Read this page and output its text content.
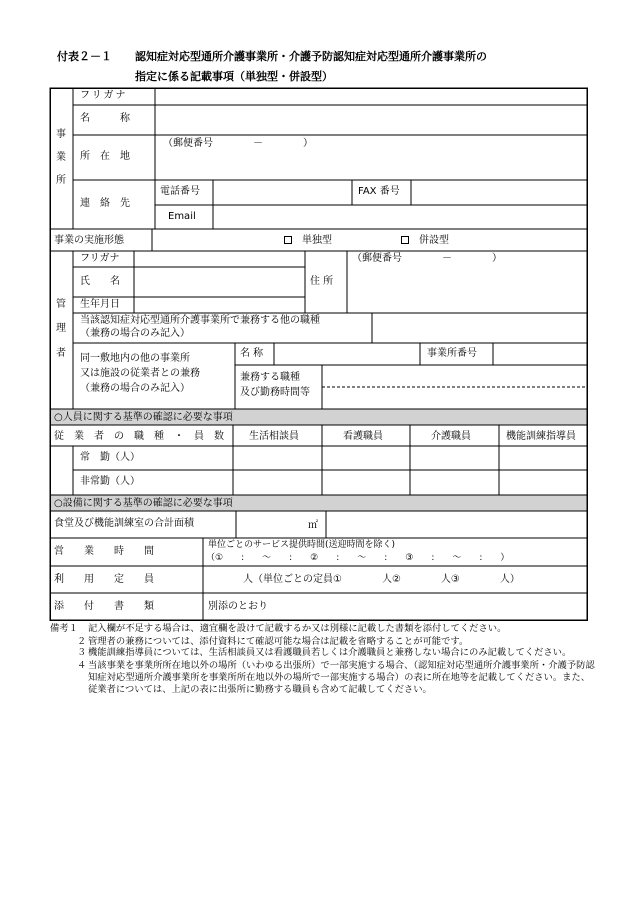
付表２－１ 認知症対応型通所介護事業所・介護予防認知症対応型通所介護事業所の
指定に係る記載事項（単独型・併設型）
事
業
所
フリガナ
名　　　称
所　在　地
（郵便番号　　　　－　　　　）
連　絡　先
電話番号	FAX 番号
Email
事業の実施形態	単独型	併設型
管
理
者
フリガナ
氏　　名
生年月日
住 所
（郵便番号　　　　－　　　　）
当該認知症対応型通所介護事業所で兼務する他の職種
（兼務の場合のみ記入）
同一敷地内の他の事業所
又は施設の従業者との兼務
（兼務の場合のみ記入）
名 称	事業所番号
兼務する職種
及び勤務時間等
○人員に関する基準の確認に必要な事項
従　業　者　の　職　種　・　員　数	生活相談員	看護職員	介護職員	機能訓練指導員
常　勤（人）
非常勤（人）
○設備に関する基準の確認に必要な事項
食堂及び機能訓練室の合計面積	㎡
営　　業　　時　　間
単位ごとのサービス提供時間(送迎時間を除く)
（①　　:　　～　　:　　②　　:　　～　　:　　③　　:　　～　　:　　）
利　　用　　定　　員	人（単位ごとの定員①　　　　人②　　　　人③　　　　人）
添　　付　　書　　類	別添のとおり
備考１ 記入欄が不足する場合は、適宜欄を設けて記載するか又は別様に記載した書類を添付してください。
２ 管理者の兼務については、添付資料にて確認可能な場合は記載を省略することが可能です。
３ 機能訓練指導員については、生活相談員又は看護職員若しくは介護職員と兼務しない場合にのみ記載してください。
４ 当該事業を事業所所在地以外の場所（いわゆる出張所）で一部実施する場合、（認知症対応型通所介護事業所・介護予防認知症対応型通所介護事業所を事業所所在地以外の場所で一部実施する場合）の表に所在地等を記載してください。また、従業者については、上記の表に出張所に勤務する職員も含めて記載してください。
